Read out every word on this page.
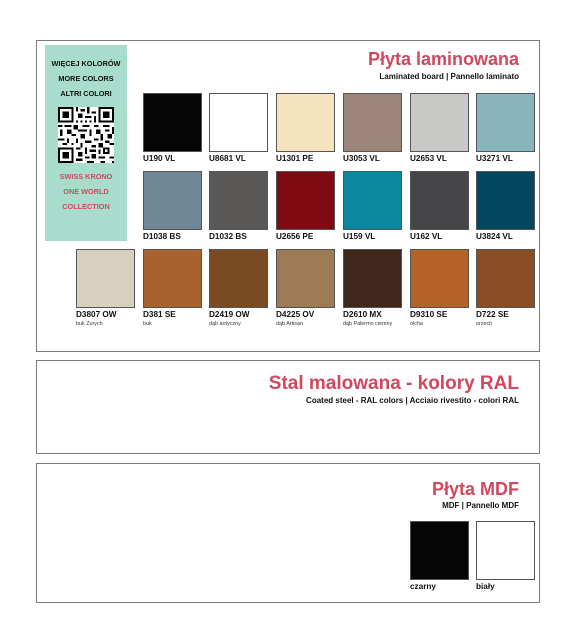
Płyta laminowana
Laminated board | Pannello laminato
WIĘCEJ KOLORÓW
MORE COLORS
ALTRI COLORI
SWISS KRONO
ONE WORLD
COLLECTION
U190 VL	U8681 VL	U1301 PE	U3053 VL	U2653 VL	U3271 VL
D1038 BS	D1032 BS	U2656 PE	U159 VL	U162 VL	U3824 VL
D3807 OW
buk Zurych
D381 SE
buk
D2419 OW
dąb antyczny
D4225 OV
dąb Artisan
D2610 MX
dąb Palermo ciemny
D9310 SE
olcha
D722 SE
orzech
Stal malowana - kolory RAL
Coated steel - RAL colors | Acciaio rivestito - colori RAL
Płyta MDF
MDF | Pannello MDF
czarny	biały
